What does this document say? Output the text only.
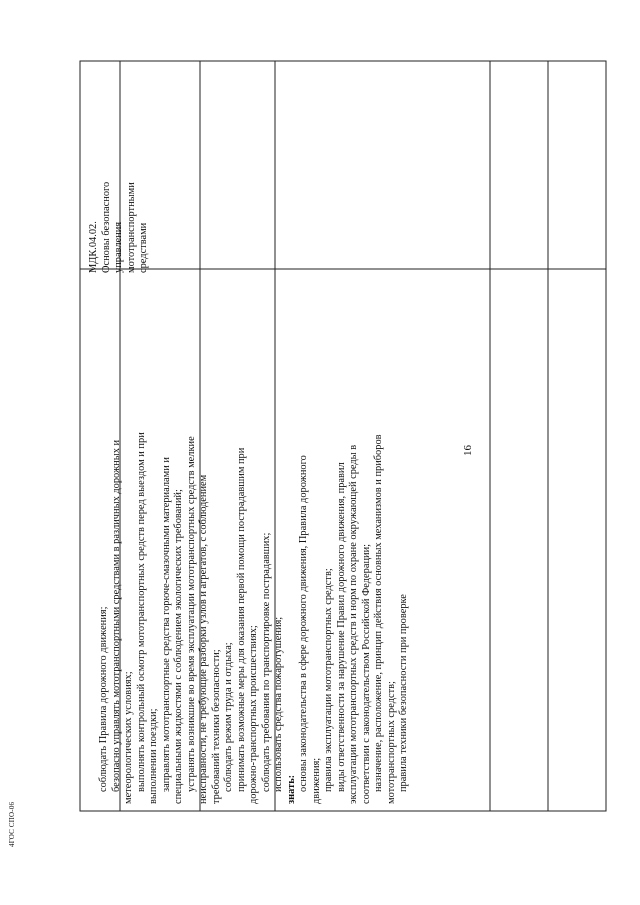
соблюдать Правила дорожного движения; безопасно управлять мототранспортными средствами в различных дорожных и метеорологических условиях; выполнять контрольный осмотр мототранспортных средств перед выездом и при выполнении поездки; заправлять мототранспортные средства горюче-смазочными материалами и специальными жидкостями с соблюдением экологических требований; устранять возникшие во время эксплуатации мототранспортных средств мелкие неисправности, не требующие разборки узлов и агрегатов, с соблюдением требований техники безопасности; соблюдать режим труда и отдыха; принимать возможные меры для оказания первой помощи пострадавшим при дорожно-транспортных происшествиях; соблюдать требования по транспортировке пострадавших; использовать средства пожаротушения; знать: основы законодательства в сфере дорожного движения, Правила дорожного движения; правила эксплуатации мототранспортных средств; виды ответственности за нарушение Правил дорожного движения, правил эксплуатации мототранспортных средств и норм по охране окружающей среды в соответствии с законодательством Российской Федерации; назначение, расположение, принцип действия основных механизмов и приборов мототранспортных средств; правила техники безопасности при проверке

МДК.04.02. Основы безопасного управления мототранспортными средствами
16
4ГОС СПО-06
